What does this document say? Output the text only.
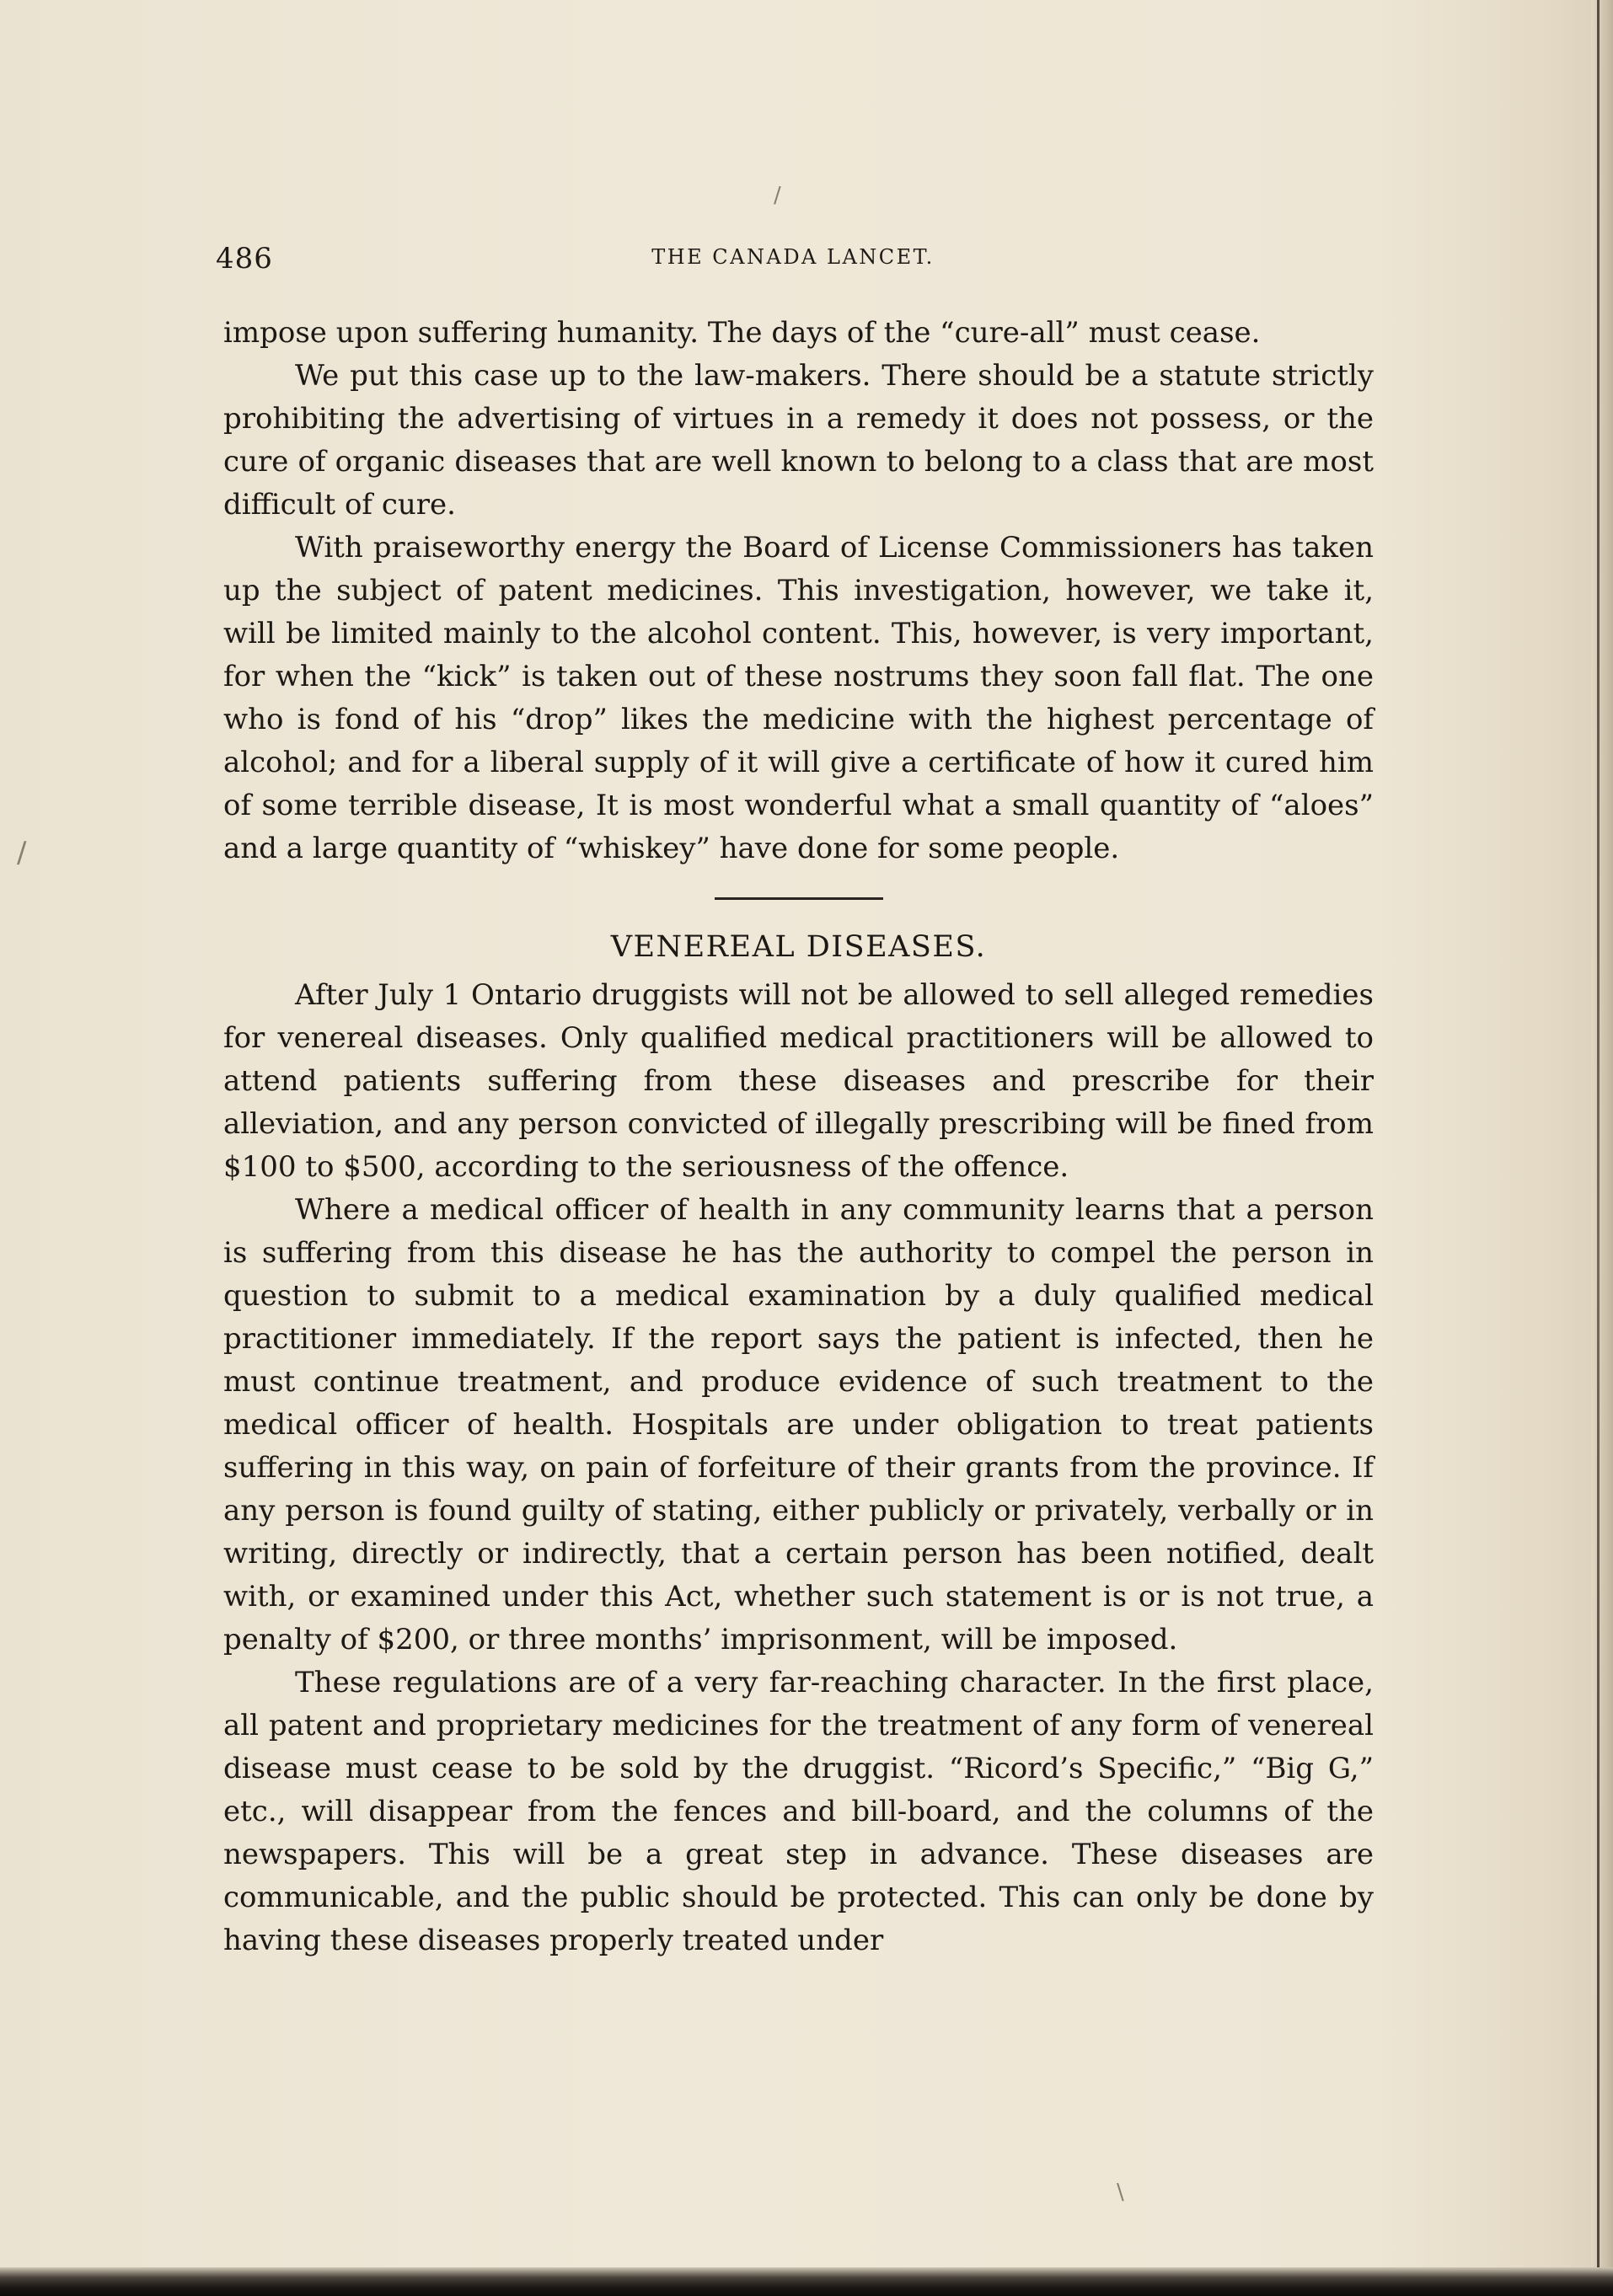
∕
∕
\
486	THE CANADA LANCET.

impose upon suffering humanity. The days of the “cure-all” must cease.

We put this case up to the law-makers. There should be a statute strictly prohibiting the advertising of virtues in a remedy it does not possess, or the cure of organic diseases that are well known to belong to a class that are most difficult of cure.

With praiseworthy energy the Board of License Commissioners has taken up the subject of patent medicines. This investigation, however, we take it, will be limited mainly to the alcohol content. This, however, is very important, for when the “kick” is taken out of these nostrums they soon fall flat. The one who is fond of his “drop” likes the medicine with the highest percentage of alcohol; and for a liberal supply of it will give a certificate of how it cured him of some terrible disease, It is most wonderful what a small quantity of “aloes” and a large quantity of “whiskey” have done for some people.

VENEREAL DISEASES.

After July 1 Ontario druggists will not be allowed to sell alleged remedies for venereal diseases. Only qualified medical practitioners will be allowed to attend patients suffering from these diseases and prescribe for their alleviation, and any person convicted of illegally prescribing will be fined from $100 to $500, according to the seriousness of the offence.

Where a medical officer of health in any community learns that a person is suffering from this disease he has the authority to compel the person in question to submit to a medical examination by a duly qualified medical practitioner immediately. If the report says the patient is infected, then he must continue treatment, and produce evidence of such treatment to the medical officer of health. Hospitals are under obligation to treat patients suffering in this way, on pain of forfeiture of their grants from the province. If any person is found guilty of stating, either publicly or privately, verbally or in writing, directly or indirectly, that a certain person has been notified, dealt with, or examined under this Act, whether such statement is or is not true, a penalty of $200, or three months’ imprisonment, will be imposed.

These regulations are of a very far-reaching character. In the first place, all patent and proprietary medicines for the treatment of any form of venereal disease must cease to be sold by the druggist. “Ricord’s Specific,” “Big G,” etc., will disappear from the fences and bill-board, and the columns of the newspapers. This will be a great step in advance. These diseases are communicable, and the public should be protected. This can only be done by having these diseases properly treated under
